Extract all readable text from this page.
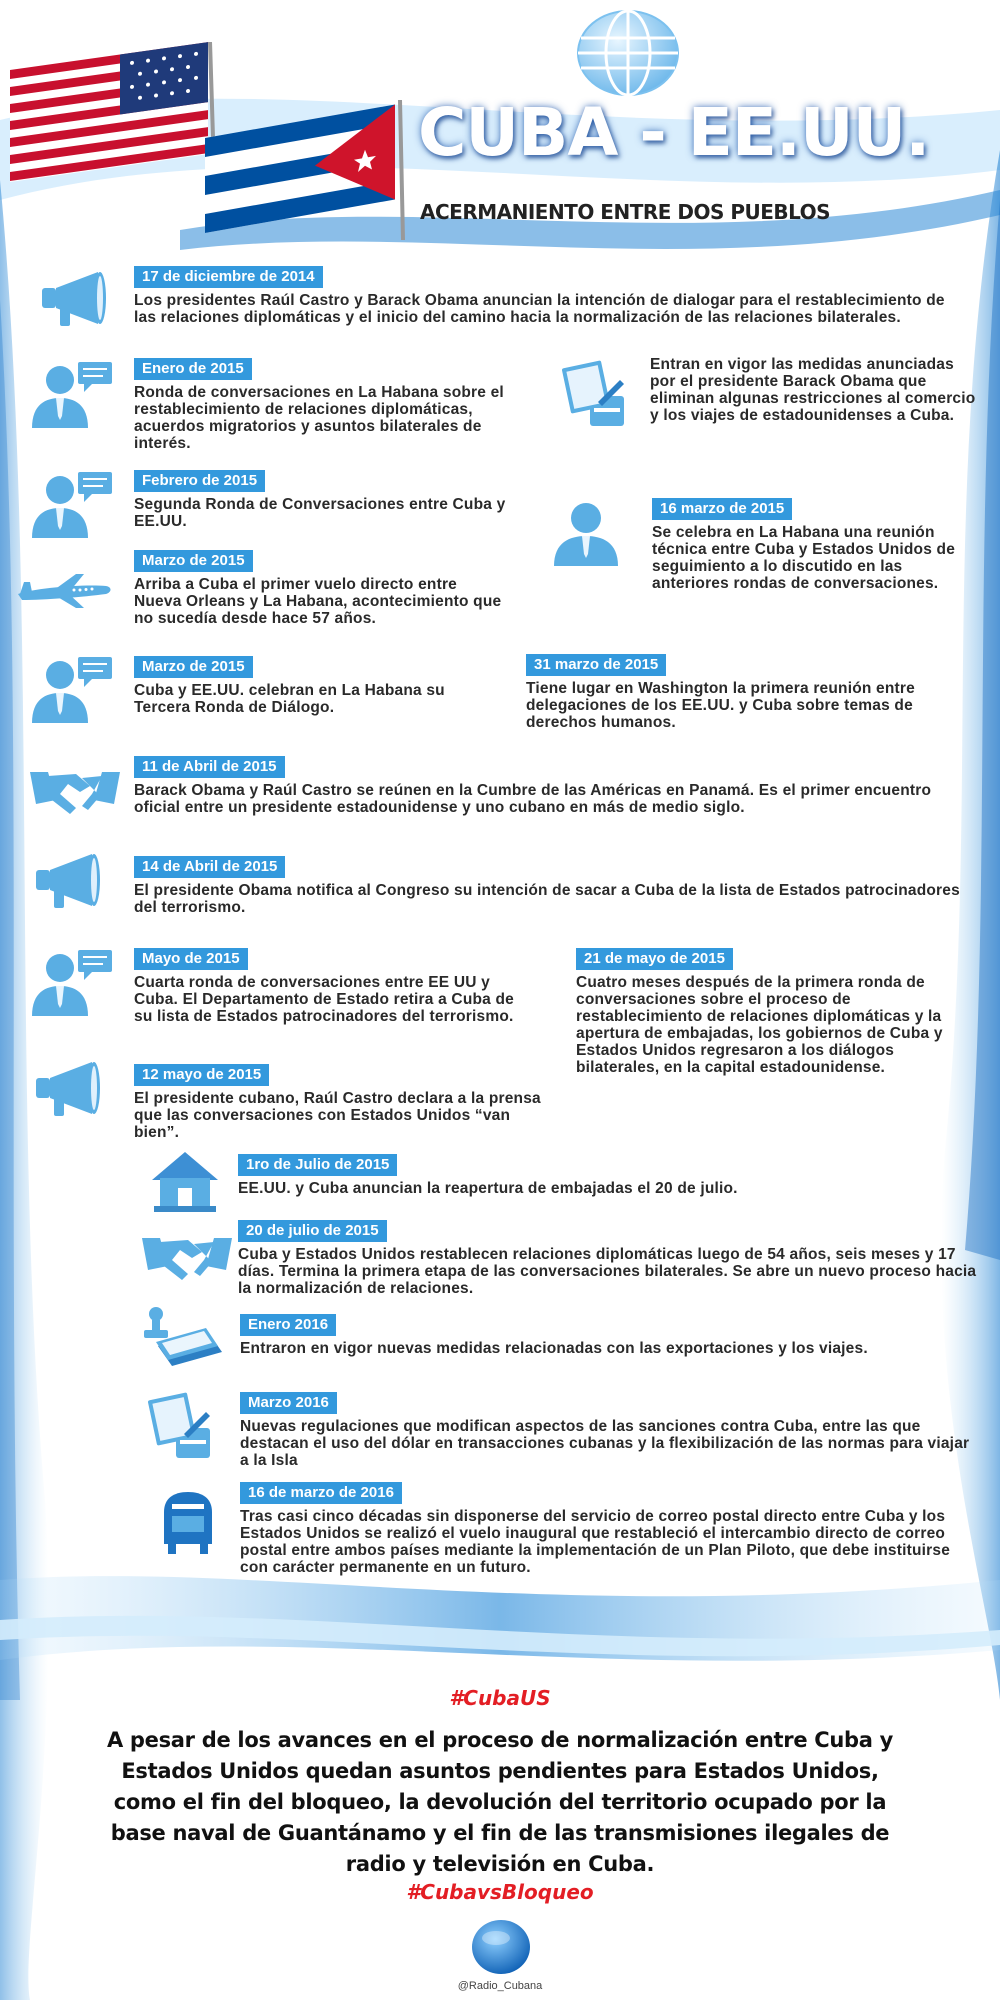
CUBA - EE.UU.
ACERMANIENTO ENTRE DOS PUEBLOS
17 de diciembre de 2014

Los presidentes Raúl Castro y Barack Obama anuncian la intención de dialogar para el restablecimiento de las relaciones diplomáticas y el inicio del camino hacia la normalización de las relaciones bilaterales.

Enero de 2015

Ronda de conversaciones en La Habana sobre el restablecimiento de relaciones diplomáticas, acuerdos migratorios y asuntos bilaterales de interés.

Entran en vigor las medidas anunciadas por el presidente Barack Obama que eliminan algunas restricciones al comercio y los viajes de estadounidenses a Cuba.

Febrero de 2015

Segunda Ronda de Conversaciones entre Cuba y EE.UU.

16 marzo de 2015

Se celebra en La Habana una reunión técnica entre Cuba y Estados Unidos de seguimiento a lo discutido en las anteriores rondas de conversaciones.

Marzo de 2015

Arriba a Cuba el primer vuelo directo entre Nueva Orleans y La Habana, acontecimiento que no sucedía desde hace 57 años.

Marzo de 2015

Cuba y EE.UU. celebran en La Habana su Tercera Ronda de Diálogo.

31 marzo de 2015

Tiene lugar en Washington la primera reunión entre delegaciones de los EE.UU. y Cuba sobre temas de derechos humanos.

11 de Abril de 2015

Barack Obama y Raúl Castro se reúnen en la Cumbre de las Américas en Panamá. Es el primer encuentro oficial entre un presidente estadounidense y uno cubano en más de medio siglo.

14 de Abril de 2015

El presidente Obama notifica al Congreso su intención de sacar a Cuba de la lista de Estados patrocinadores del terrorismo.

Mayo de 2015

Cuarta ronda de conversaciones entre EE UU y Cuba. El Departamento de Estado retira a Cuba de su lista de Estados patrocinadores del terrorismo.

21 de mayo de 2015

Cuatro meses después de la primera ronda de conversaciones sobre el proceso de restablecimiento de relaciones diplomáticas y la apertura de embajadas, los gobiernos de Cuba y Estados Unidos regresaron a los diálogos bilaterales, en la capital estadounidense.

12 mayo de 2015

El presidente cubano, Raúl Castro declara a la prensa que las conversaciones con Estados Unidos “van bien”.

1ro de Julio de 2015

EE.UU. y Cuba anuncian la reapertura de embajadas el 20 de julio.

20 de julio de 2015

Cuba y Estados Unidos restablecen relaciones diplomáticas luego de 54 años, seis meses y 17 días. Termina la primera etapa de las conversaciones bilaterales. Se abre un nuevo proceso hacia la normalización de relaciones.

Enero 2016

Entraron en vigor nuevas medidas relacionadas con las exportaciones y los viajes.

Marzo 2016

Nuevas regulaciones que modifican aspectos de las sanciones contra Cuba, entre las que destacan el uso del dólar en transacciones cubanas y la flexibilización de las normas para viajar a la Isla

16 de marzo de 2016

Tras casi cinco décadas sin disponerse del servicio de correo postal directo entre Cuba y los Estados Unidos se realizó el vuelo inaugural que restableció el intercambio directo de correo postal entre ambos países mediante la implementación de un Plan Piloto, que debe instituirse con carácter permanente en un futuro.

#CubaUS
A pesar de los avances en el proceso de normalización entre Cuba y Estados Unidos quedan asuntos pendientes para Estados Unidos, como el fin del bloqueo, la devolución del territorio ocupado por la base naval de Guantánamo y el fin de las transmisiones ilegales de radio y televisión en Cuba.
#CubavsBloqueo
@Radio_Cubana
